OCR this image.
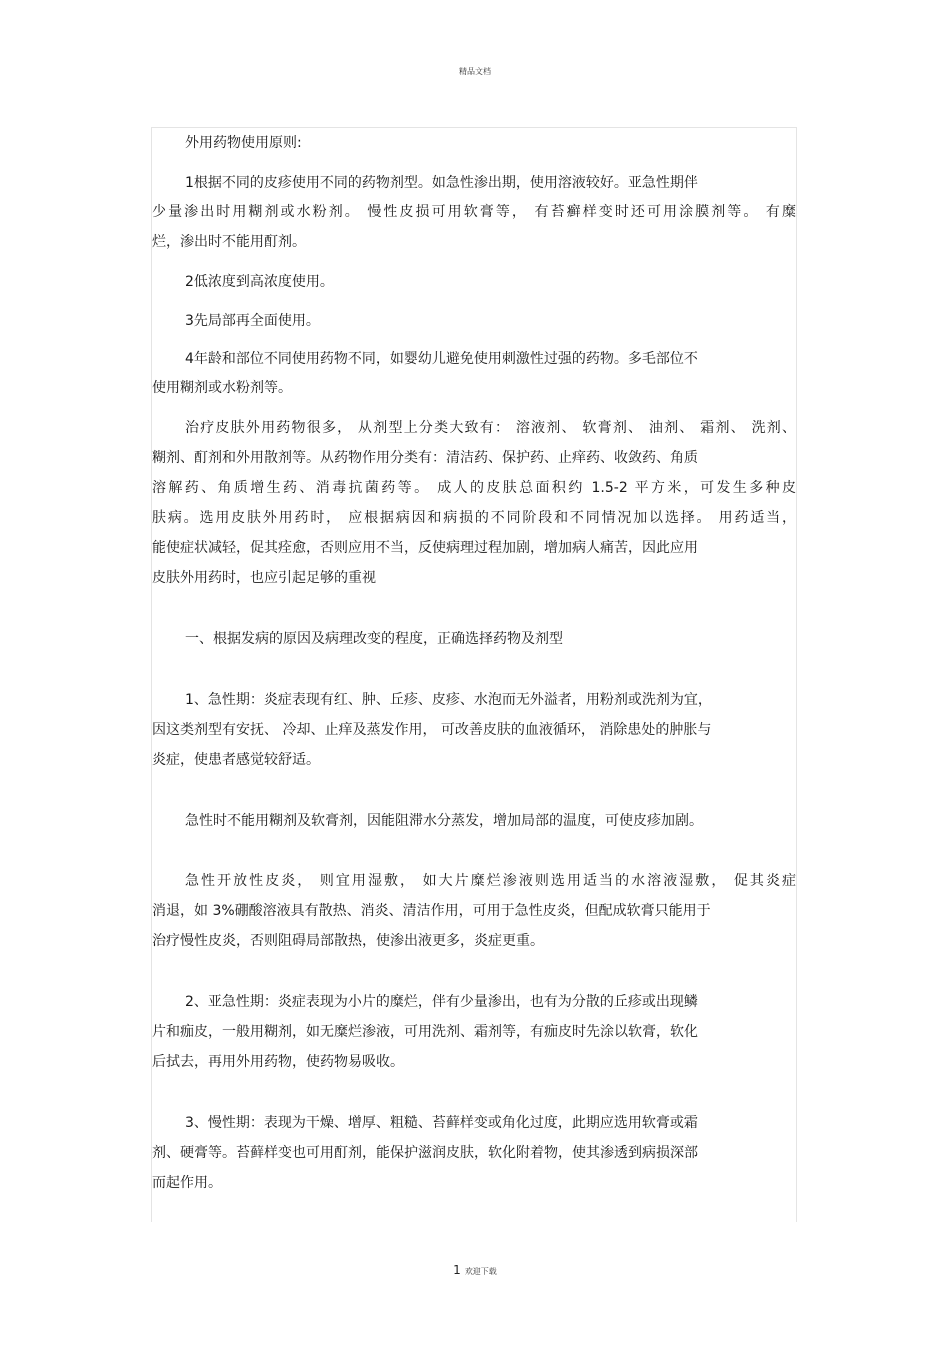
精品文档
外用药物使用原则:
1根据不同的皮疹使用不同的药物剂型。如急性渗出期，使用溶液较好。亚急性期伴
少量渗出时用糊剂或水粉剂。 慢性皮损可用软膏等， 有苔癣样变时还可用涂膜剂等。 有糜
烂，渗出时不能用酊剂。
2低浓度到高浓度使用。
3先局部再全面使用。
4年龄和部位不同使用药物不同，如婴幼儿避免使用刺激性过强的药物。多毛部位不
使用糊剂或水粉剂等。
治疗皮肤外用药物很多， 从剂型上分类大致有： 溶液剂、 软膏剂、 油剂、 霜剂、 洗剂、
糊剂、酊剂和外用散剂等。从药物作用分类有：清洁药、保护药、止痒药、收敛药、角质
溶解药、角质增生药、消毒抗菌药等。 成人的皮肤总面积约 1.5-2 平方米，可发生多种皮
肤病。选用皮肤外用药时， 应根据病因和病损的不同阶段和不同情况加以选择。 用药适当，
能使症状减轻，促其痊愈，否则应用不当，反使病理过程加剧，增加病人痛苦，因此应用
皮肤外用药时，也应引起足够的重视
一、根据发病的原因及病理改变的程度，正确选择药物及剂型
1、急性期：炎症表现有红、肿、丘疹、皮疹、水泡而无外溢者，用粉剂或洗剂为宜，
因这类剂型有安抚、 冷却、止痒及蒸发作用， 可改善皮肤的血液循环， 消除患处的肿胀与
炎症，使患者感觉较舒适。
急性时不能用糊剂及软膏剂，因能阻滞水分蒸发，增加局部的温度，可使皮疹加剧。
急性开放性皮炎， 则宜用湿敷， 如大片糜烂渗液则选用适当的水溶液湿敷， 促其炎症
消退，如 3%硼酸溶液具有散热、消炎、清洁作用，可用于急性皮炎，但配成软膏只能用于
治疗慢性皮炎，否则阻碍局部散热，使渗出液更多，炎症更重。
2、亚急性期：炎症表现为小片的糜烂，伴有少量渗出，也有为分散的丘疹或出现鳞
片和痂皮，一般用糊剂，如无糜烂渗液，可用洗剂、霜剂等，有痂皮时先涂以软膏，软化
后拭去，再用外用药物，使药物易吸收。
3、慢性期：表现为干燥、增厚、粗糙、苔藓样变或角化过度，此期应选用软膏或霜
剂、硬膏等。苔藓样变也可用酊剂，能保护滋润皮肤，软化附着物，使其渗透到病损深部
而起作用。
1 欢迎下载
